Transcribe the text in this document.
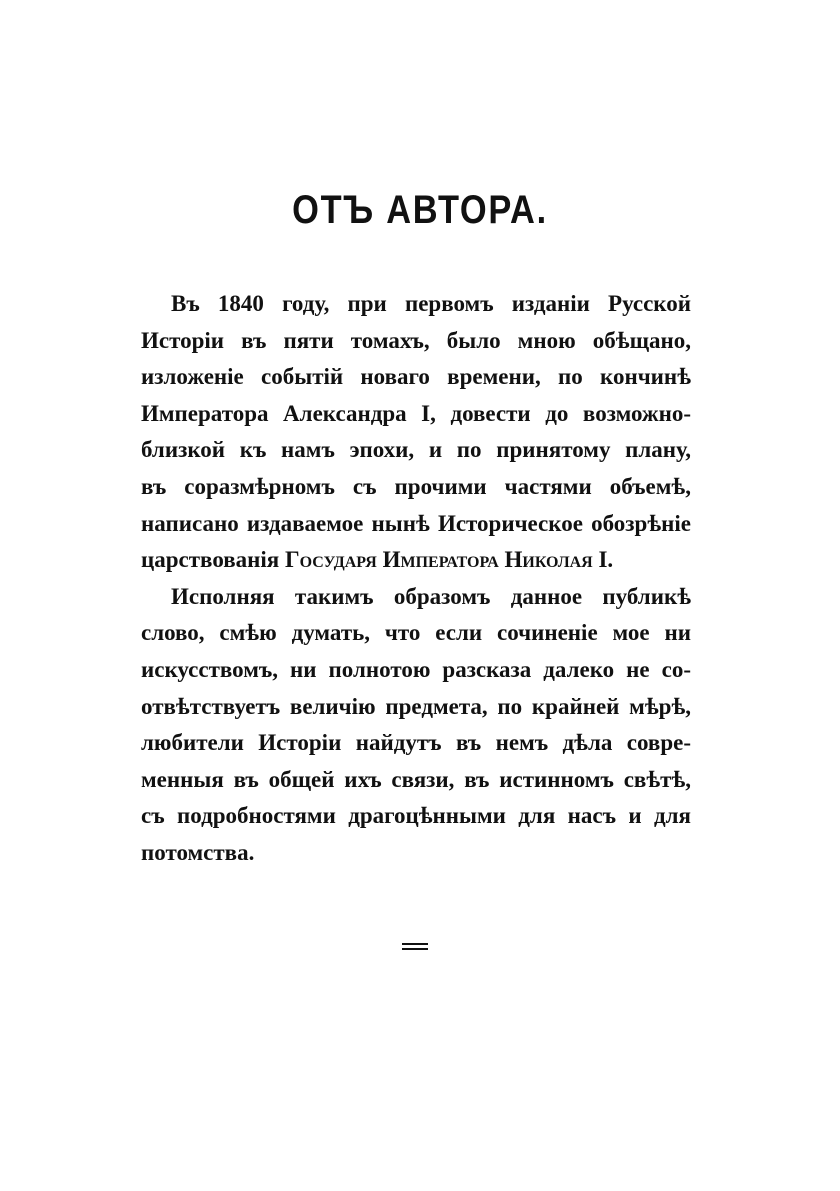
ОТЪ АВТОРА.
Въ 1840 году, при первомъ изданіи Русской
Исторіи въ пяти томахъ, было мною обѣщано,
изложеніе событій новаго времени, по кончинѣ
Императора Александра I, довести до возможно-
близкой къ намъ эпохи, и по принятому плану,
въ соразмѣрномъ съ прочими частями объемѣ,
написано издаваемое нынѣ Историческое обозрѣніе
царствованія Государя Императора Николая I.
Исполняя такимъ образомъ данное публикѣ
слово, смѣю думать, что если сочиненіе мое ни
искусствомъ, ни полнотою разсказа далеко не со-
отвѣтствуетъ величію предмета, по крайней мѣрѣ,
любители Исторіи найдутъ въ немъ дѣла совре-
менныя въ общей ихъ связи, въ истинномъ свѣтѣ,
съ подробностями драгоцѣнными для насъ и для
потомства.
